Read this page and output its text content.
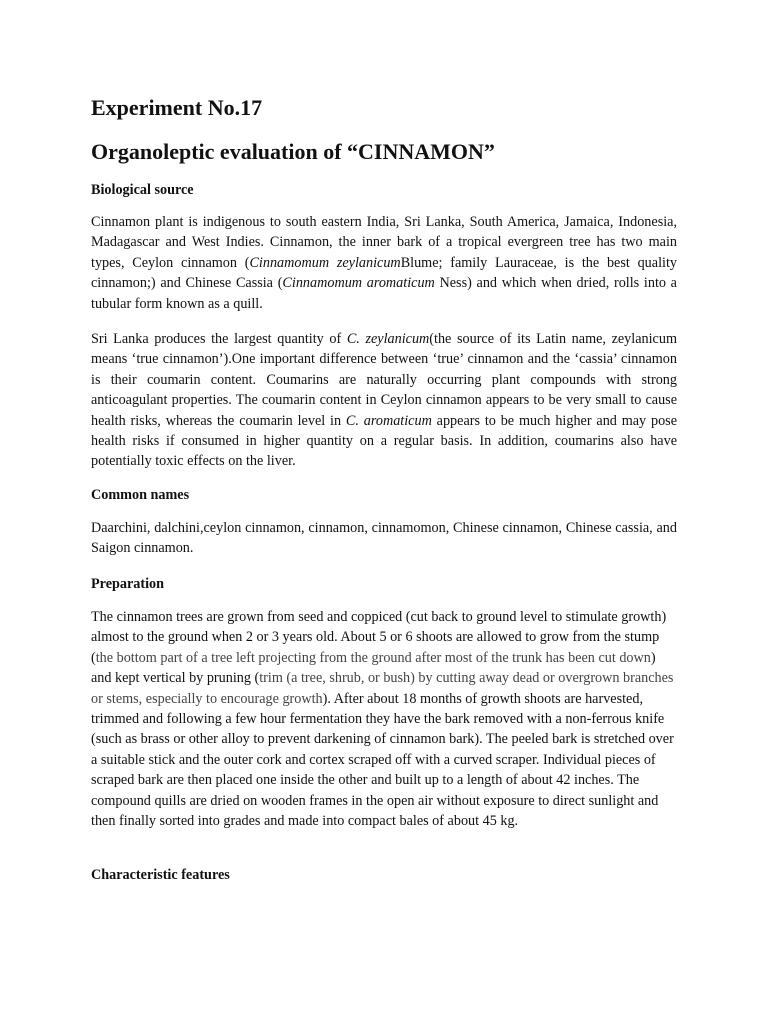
Experiment No.17
Organoleptic evaluation of “CINNAMON”
Biological source

Cinnamon plant is indigenous to south eastern India, Sri Lanka, South America, Jamaica, Indonesia, Madagascar and West Indies. Cinnamon, the inner bark of a tropical evergreen tree has two main types, Ceylon cinnamon (Cinnamomum zeylanicumBlume; family Lauraceae, is the best quality cinnamon;) and Chinese Cassia (Cinnamomum aromaticum Ness) and which when dried, rolls into a tubular form known as a quill.

Sri Lanka produces the largest quantity of C. zeylanicum(the source of its Latin name, zeylanicum means ‘true cinnamon’).One important difference between ‘true’ cinnamon and the ‘cassia’ cinnamon is their coumarin content. Coumarins are naturally occurring plant compounds with strong anticoagulant properties. The coumarin content in Ceylon cinnamon appears to be very small to cause health risks, whereas the coumarin level in C. aromaticum appears to be much higher and may pose health risks if consumed in higher quantity on a regular basis. In addition, coumarins also have potentially toxic effects on the liver.

Common names

Daarchini, dalchini,ceylon cinnamon, cinnamon, cinnamomon, Chinese cinnamon, Chinese cassia, and Saigon cinnamon.

Preparation

The cinnamon trees are grown from seed and coppiced (cut back to ground level to stimulate growth) almost to the ground when 2 or 3 years old. About 5 or 6 shoots are allowed to grow from the stump (the bottom part of a tree left projecting from the ground after most of the trunk has been cut down) and kept vertical by pruning (trim (a tree, shrub, or bush) by cutting away dead or overgrown branches or stems, especially to encourage growth). After about 18 months of growth shoots are harvested, trimmed and following a few hour fermentation they have the bark removed with a non-ferrous knife (such as brass or other alloy to prevent darkening of cinnamon bark). The peeled bark is stretched over a suitable stick and the outer cork and cortex scraped off with a curved scraper. Individual pieces of scraped bark are then placed one inside the other and built up to a length of about 42 inches. The compound quills are dried on wooden frames in the open air without exposure to direct sunlight and then finally sorted into grades and made into compact bales of about 45 kg.

Characteristic features
